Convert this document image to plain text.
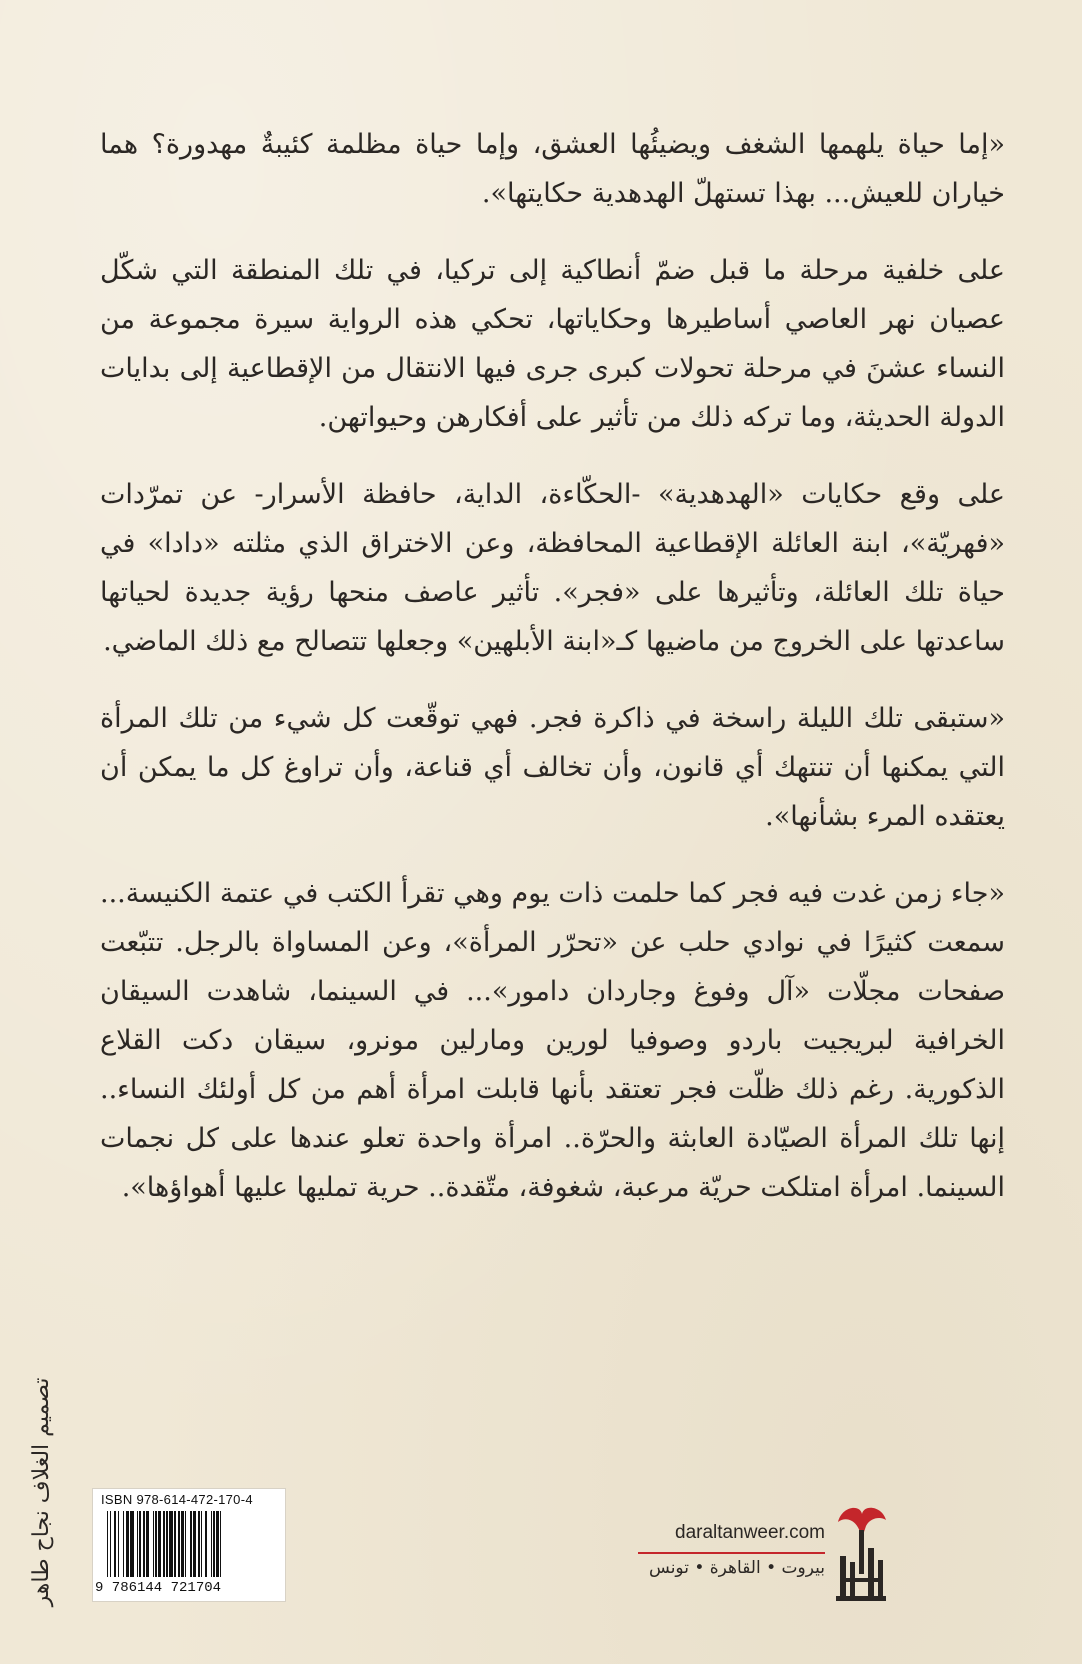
«إما حياة يلهمها الشغف ويضيئُها العشق، وإما حياة مظلمة كئيبةٌ مهدورة؟ هما خياران للعيش... بهذا تستهلّ الهدهدية حكايتها».

على خلفية مرحلة ما قبل ضمّ أنطاكية إلى تركيا، في تلك المنطقة التي شكّل عصيان نهر العاصي أساطيرها وحكاياتها، تحكي هذه الرواية سيرة مجموعة من النساء عشنَ في مرحلة تحولات كبرى جرى فيها الانتقال من الإقطاعية إلى بدايات الدولة الحديثة، وما تركه ذلك من تأثير على أفكارهن وحيواتهن.

على وقع حكايات «الهدهدية» -الحكّاءة، الداية، حافظة الأسرار- عن تمرّدات «فهريّة»، ابنة العائلة الإقطاعية المحافظة، وعن الاختراق الذي مثلته «دادا» في حياة تلك العائلة، وتأثيرها على «فجر». تأثير عاصف منحها رؤية جديدة لحياتها ساعدتها على الخروج من ماضيها كـ«ابنة الأبلهين» وجعلها تتصالح مع ذلك الماضي.

«ستبقى تلك الليلة راسخة في ذاكرة فجر. فهي توقّعت كل شيء من تلك المرأة التي يمكنها أن تنتهك أي قانون، وأن تخالف أي قناعة، وأن تراوغ كل ما يمكن أن يعتقده المرء بشأنها».

«جاء زمن غدت فيه فجر كما حلمت ذات يوم وهي تقرأ الكتب في عتمة الكنيسة... سمعت كثيرًا في نوادي حلب عن «تحرّر المرأة»، وعن المساواة بالرجل. تتبّعت صفحات مجلّات «آل وفوغ وجاردان دامور»... في السينما، شاهدت السيقان الخرافية لبريجيت باردو وصوفيا لورين ومارلين مونرو، سيقان دكت القلاع الذكورية. رغم ذلك ظلّت فجر تعتقد بأنها قابلت امرأة أهم من كل أولئك النساء.. إنها تلك المرأة الصيّادة العابثة والحرّة.. امرأة واحدة تعلو عندها على كل نجمات السينما. امرأة امتلكت حريّة مرعبة، شغوفة، متّقدة.. حرية تمليها عليها أهواؤها».

تصميم الغلاف نجاح طاهر	ISBN 978-614-472-170-4
9 786144 721704
daraltanweer.com
بيروت • القاهرة • تونس
